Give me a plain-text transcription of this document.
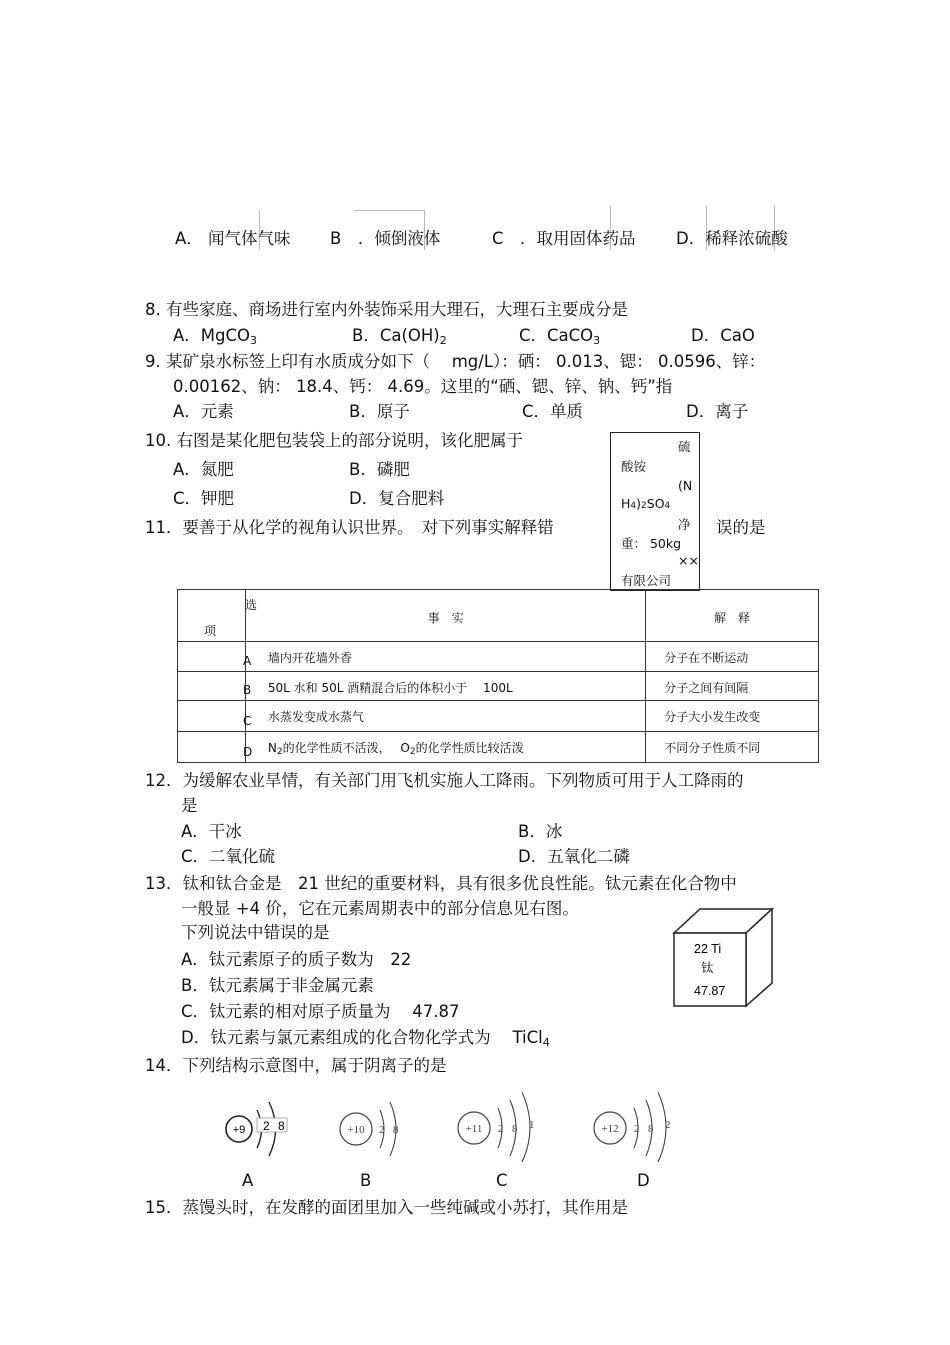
A． 闻气体气味 B　 ．倾倒液体	C　 ．取用固体药品 D．稀释浓硫酸
8. 有些家庭、商场进行室内外装饰采用大理石，大理石主要成分是
A．MgCO$_3$	B．$Ca(OH)_2$	C．CaCO$_3$	D．CaO
9. 某矿泉水标签上印有水质成分如下（　 mg/L）：硒： 0.013、锶： 0.0596、锌：
0.00162、钠： 18.4、钙： 4.69。这里的“硒、锶、锌、钠、钙”指
A．元素	B．原子	C．单质	D．离子
10. 右图是某化肥包装袋上的部分说明，该化肥属于
A．氮肥	B．磷肥
C．钾肥	D．复合肥料
硫
酸铵
(N
H4)2SO4
净
重： 50kg
××
有限公司
11．要善于从化学的视角认识世界。　对下列事实解释错	误的是
选
项	事　实	解　释

A	墙内开花墙外香	分子在不断运动

B	50L 水和 50L 酒精混合后的体积小于　 100L	分子之间有间隔

C	水蒸发变成水蒸气	分子大小发生改变

D	N2的化学性质不活泼，　 O2的化学性质比较活泼	不同分子性质不同
12．为缓解农业旱情，有关部门用飞机实施人工降雨。下列物质可用于人工降雨的
是
A．干冰	B．冰
C．二氧化硫	D．五氧化二磷
13．钛和钛合金是　21 世纪的重要材料，具有很多优良性能。钛元素在化合物中
一般显 +4 价，它在元素周期表中的部分信息见右图。
下列说法中错误的是
A．钛元素原子的质子数为　22
B．钛元素属于非金属元素
C．钛元素的相对原子质量为　 47.87
D．钛元素与氯元素组成的化合物化学式为　 TiCl$_4$
22 Ti
钛
47.87
14．下列结构示意图中，属于阴离子的是
+9 2 8
A
+10 2 8
B
+11 2 8 1
C
+12 2 8 2
D
15．蒸馒头时，在发酵的面团里加入一些纯碱或小苏打，其作用是
